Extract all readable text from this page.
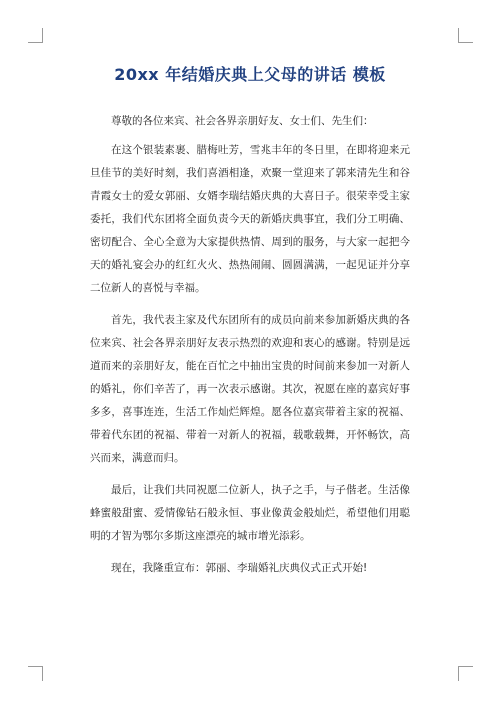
20xx 年结婚庆典上父母的讲话 模板

尊敬的各位来宾、社会各界亲朋好友、女士们、先生们：

在这个银装素裹、腊梅吐芳，雪兆丰年的冬日里，在即将迎来元旦佳节的美好时刻，我们喜酒相逢，欢聚一堂迎来了郭来清先生和谷青霞女士的爱女郭丽、女婿李瑞结婚庆典的大喜日子。很荣幸受主家委托，我们代东团将全面负责今天的新婚庆典事宜，我们分工明确、密切配合、全心全意为大家提供热情、周到的服务，与大家一起把今天的婚礼宴会办的红红火火、热热闹闹、圆圆满满，一起见证并分享二位新人的喜悦与幸福。

首先，我代表主家及代东团所有的成员向前来参加新婚庆典的各位来宾、社会各界亲朋好友表示热烈的欢迎和衷心的感谢。特别是远道而来的亲朋好友，能在百忙之中抽出宝贵的时间前来参加一对新人的婚礼，你们辛苦了，再一次表示感谢。其次，祝愿在座的嘉宾好事多多，喜事连连，生活工作灿烂辉煌。愿各位嘉宾带着主家的祝福、带着代东团的祝福、带着一对新人的祝福，载歌载舞，开怀畅饮，高兴而来，满意而归。

最后，让我们共同祝愿二位新人，执子之手，与子偕老。生活像蜂蜜般甜蜜、爱情像钻石般永恒、事业像黄金般灿烂，希望他们用聪明的才智为鄂尔多斯这座漂亮的城市增光添彩。

现在，我隆重宣布：郭丽、李瑞婚礼庆典仪式正式开始!
